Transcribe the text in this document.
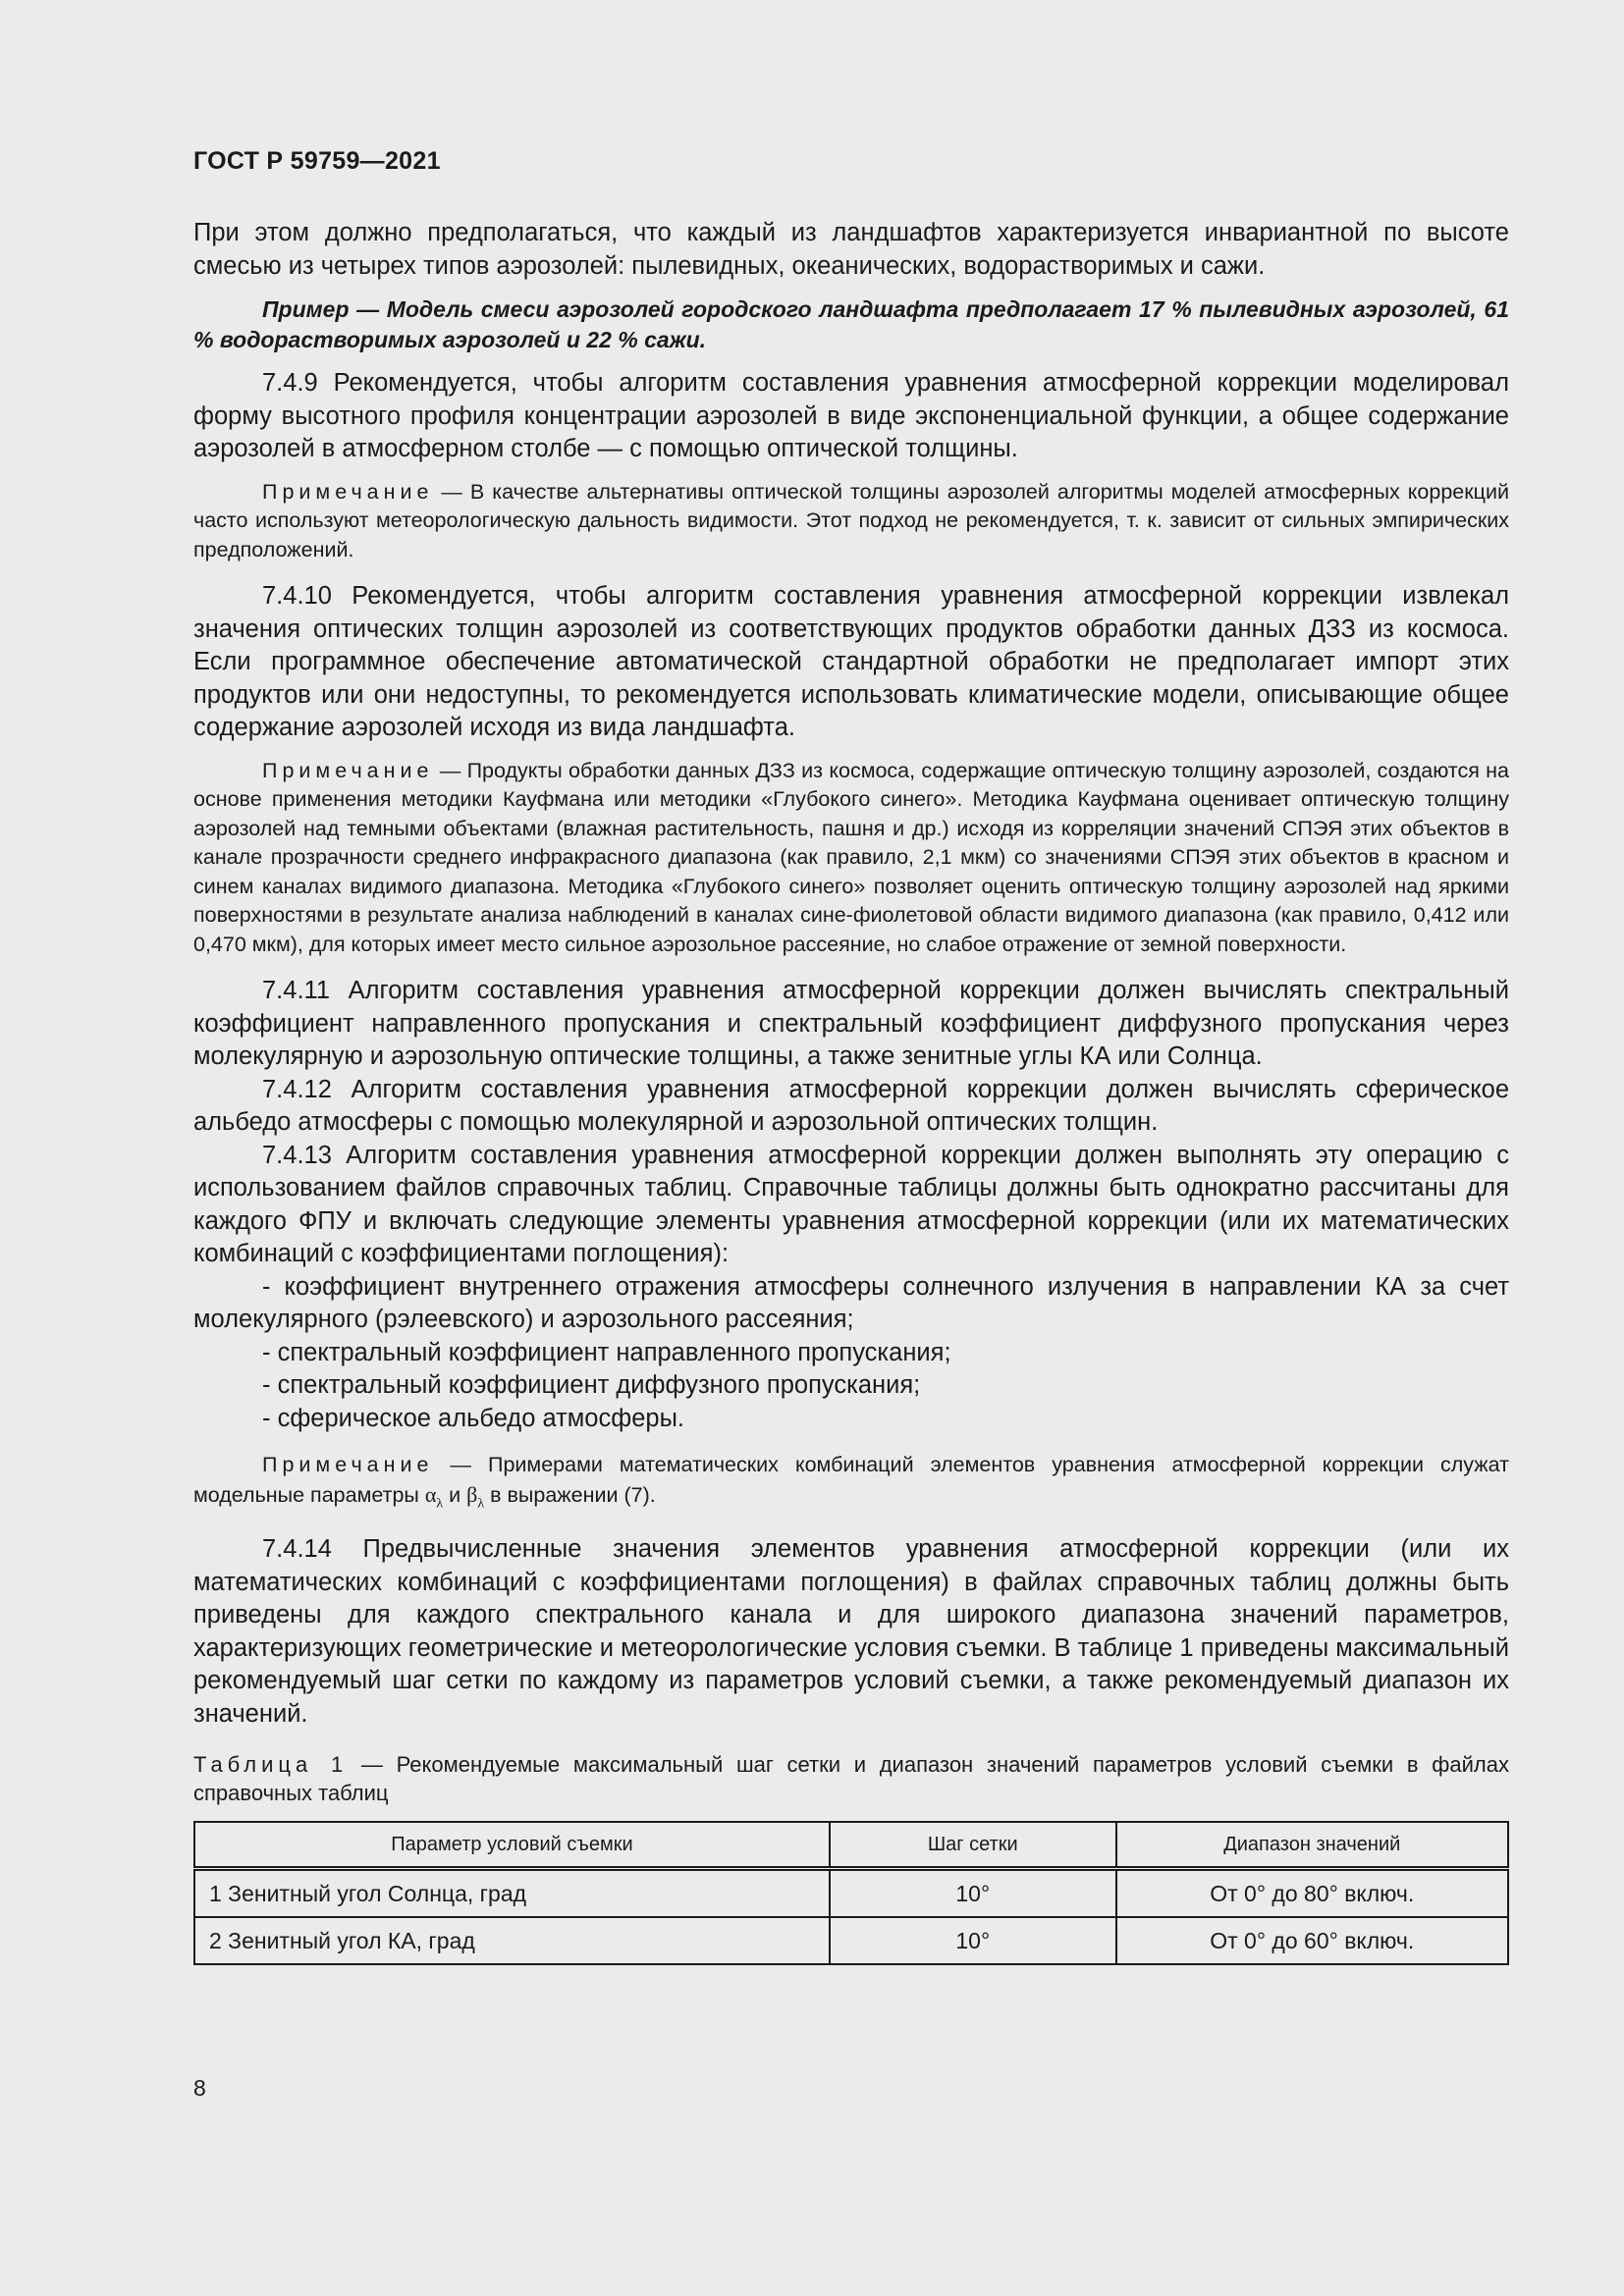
ГОСТ Р 59759—2021

При этом должно предполагаться, что каждый из ландшафтов характеризуется инвариантной по высоте смесью из четырех типов аэрозолей: пылевидных, океанических, водорастворимых и сажи.

Пример — Модель смеси аэрозолей городского ландшафта предполагает 17 % пылевидных аэрозолей, 61 % водорастворимых аэрозолей и 22 % сажи.

7.4.9 Рекомендуется, чтобы алгоритм составления уравнения атмосферной коррекции моделировал форму высотного профиля концентрации аэрозолей в виде экспоненциальной функции, а общее содержание аэрозолей в атмосферном столбе — с помощью оптической толщины.

Примечание — В качестве альтернативы оптической толщины аэрозолей алгоритмы моделей атмосферных коррекций часто используют метеорологическую дальность видимости. Этот подход не рекомендуется, т. к. зависит от сильных эмпирических предположений.

7.4.10 Рекомендуется, чтобы алгоритм составления уравнения атмосферной коррекции извлекал значения оптических толщин аэрозолей из соответствующих продуктов обработки данных ДЗЗ из космоса. Если программное обеспечение автоматической стандартной обработки не предполагает импорт этих продуктов или они недоступны, то рекомендуется использовать климатические модели, описывающие общее содержание аэрозолей исходя из вида ландшафта.

Примечание — Продукты обработки данных ДЗЗ из космоса, содержащие оптическую толщину аэрозолей, создаются на основе применения методики Кауфмана или методики «Глубокого синего». Методика Кауфмана оценивает оптическую толщину аэрозолей над темными объектами (влажная растительность, пашня и др.) исходя из корреляции значений СПЭЯ этих объектов в канале прозрачности среднего инфракрасного диапазона (как правило, 2,1 мкм) со значениями СПЭЯ этих объектов в красном и синем каналах видимого диапазона. Методика «Глубокого синего» позволяет оценить оптическую толщину аэрозолей над яркими поверхностями в результате анализа наблюдений в каналах сине-фиолетовой области видимого диапазона (как правило, 0,412 или 0,470 мкм), для которых имеет место сильное аэрозольное рассеяние, но слабое отражение от земной поверхности.

7.4.11 Алгоритм составления уравнения атмосферной коррекции должен вычислять спектральный коэффициент направленного пропускания и спектральный коэффициент диффузного пропускания через молекулярную и аэрозольную оптические толщины, а также зенитные углы КА или Солнца.

7.4.12 Алгоритм составления уравнения атмосферной коррекции должен вычислять сферическое альбедо атмосферы с помощью молекулярной и аэрозольной оптических толщин.

7.4.13 Алгоритм составления уравнения атмосферной коррекции должен выполнять эту операцию с использованием файлов справочных таблиц. Справочные таблицы должны быть однократно рассчитаны для каждого ФПУ и включать следующие элементы уравнения атмосферной коррекции (или их математических комбинаций с коэффициентами поглощения):

- коэффициент внутреннего отражения атмосферы солнечного излучения в направлении КА за счет молекулярного (рэлеевского) и аэрозольного рассеяния;
- спектральный коэффициент направленного пропускания;
- спектральный коэффициент диффузного пропускания;
- сферическое альбедо атмосферы.

Примечание — Примерами математических комбинаций элементов уравнения атмосферной коррекции служат модельные параметры $\alpha_\lambda$ и $\beta_\lambda$ в выражении (7).

7.4.14 Предвычисленные значения элементов уравнения атмосферной коррекции (или их математических комбинаций с коэффициентами поглощения) в файлах справочных таблиц должны быть приведены для каждого спектрального канала и для широкого диапазона значений параметров, характеризующих геометрические и метеорологические условия съемки. В таблице 1 приведены максимальный рекомендуемый шаг сетки по каждому из параметров условий съемки, а также рекомендуемый диапазон их значений.

Таблица 1 — Рекомендуемые максимальный шаг сетки и диапазон значений параметров условий съемки в файлах справочных таблиц

Параметр условий съемки	Шаг сетки	Диапазон значений
1 Зенитный угол Солнца, град	10°	От 0° до 80° включ.
2 Зенитный угол КА, град	10°	От 0° до 60° включ.
8
